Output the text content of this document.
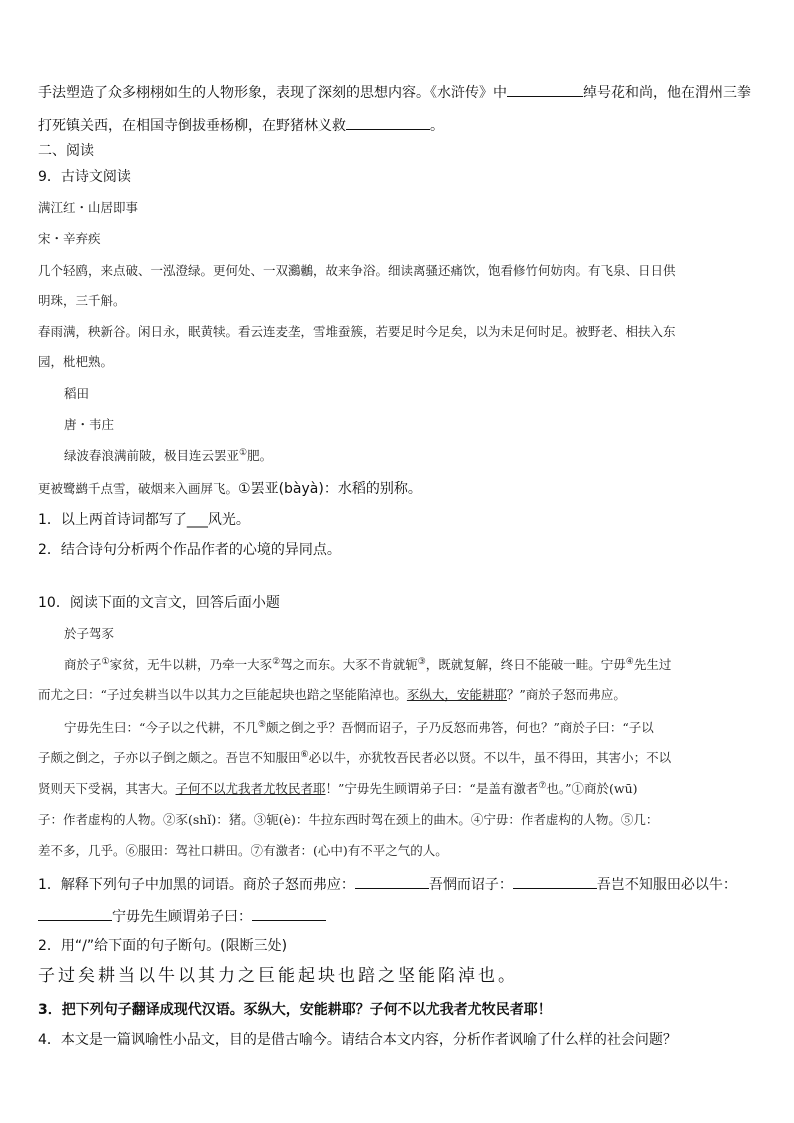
手法塑造了众多栩栩如生的人物形象，表现了深刻的思想内容。《水浒传》中	绰号花和尚，他在渭州三拳
打死镇关西，在相国寺倒拔垂杨柳，在野猪林义救	。
二、阅读
9．古诗文阅读
满江红・山居即事
宋・辛弃疾
几个轻鸥，来点破、一泓澄绿。更何处、一双鸂鶒，故来争浴。细读离骚还痛饮，饱看修竹何妨肉。有飞泉、日日供
明珠，三千斛。
春雨满，秧新谷。闲日永，眠黄犊。看云连麦垄，雪堆蚕簇，若要足时今足矣，以为未足何时足。被野老、相扶入东
园，枇杷熟。
稻田
唐・韦庄
绿波春浪满前陂，极目连云罢亚①肥。
更被鹭鹚千点雪，破烟来入画屏飞。①罢亚(bàyà)：水稻的别称。
1．以上两首诗词都写了___风光。
2．结合诗句分析两个作品作者的心境的异同点。
10．阅读下面的文言文，回答后面小题
於子驾豕
商於子①家贫，无牛以耕，乃牵一大豕②驾之而东。大豕不肯就轭③，既就复解，终日不能破一畦。宁毋④先生过
而尤之曰：“子过矣耕当以牛以其力之巨能起块也踣之坚能陷淖也。豕纵大，安能耕耶？”商於子怒而弗应。
宁毋先生曰：“今子以之代耕，不几⑤颇之倒之乎？吾惘而诏子，子乃反怒而弗答，何也？”商於子曰：“子以
子颇之倒之，子亦以子倒之颇之。吾岂不知服田⑥必以牛，亦犹牧吾民者必以贤。不以牛，虽不得田，其害小；不以
贤则天下受祸，其害大。子何不以尤我者尤牧民者耶！”宁毋先生顾谓弟子曰：“是盖有激者⑦也。”①商於(wū)
子：作者虚构的人物。②豕(shǐ)：猪。③轭(è)：牛拉东西时驾在颈上的曲木。④宁毋：作者虚构的人物。⑤几：
差不多，几乎。⑥服田：驾社口耕田。⑦有激者：(心中)有不平之气的人。
1．解释下列句子中加黑的词语。商於子怒而弗应：	吾惘而诏子：	吾岂不知服田必以牛：
宁毋先生顾谓弟子曰：
2．用“/”给下面的句子断句。(限断三处)
子过矣耕当以牛以其力之巨能起块也踣之坚能陷淖也。
3．把下列句子翻译成现代汉语。豕纵大，安能耕耶？子何不以尤我者尤牧民者耶！
4．本文是一篇讽喻性小品文，目的是借古喻今。请结合本文内容，分析作者讽喻了什么样的社会问题？
